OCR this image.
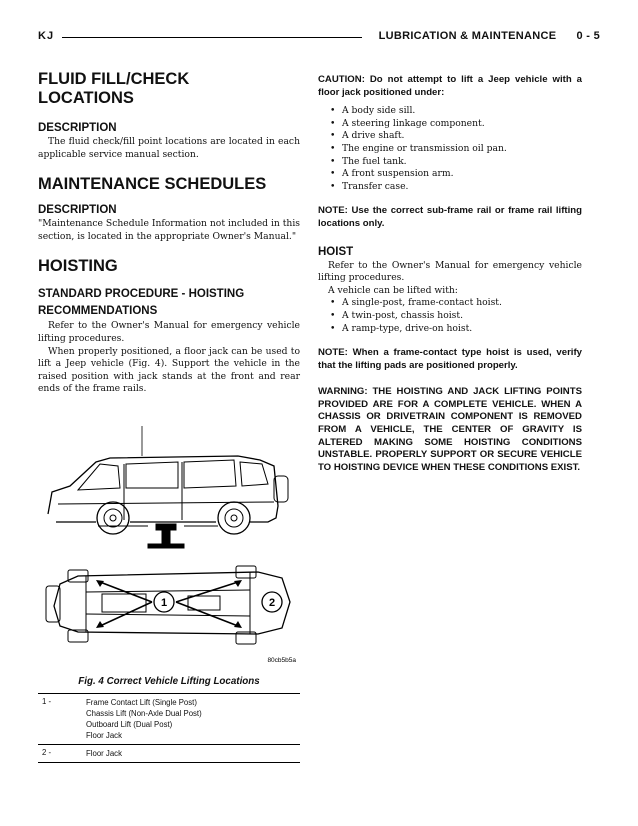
KJ	LUBRICATION & MAINTENANCE      0 - 5
FLUID FILL/CHECK LOCATIONS
DESCRIPTION

The fluid check/fill point locations are located in each applicable service manual section.

MAINTENANCE SCHEDULES
DESCRIPTION

"Maintenance Schedule Information not included in this section, is located in the appropriate Owner's Manual."

HOISTING
STANDARD PROCEDURE - HOISTING RECOMMENDATIONS

Refer to the Owner's Manual for emergency vehicle lifting procedures.

When properly positioned, a floor jack can be used to lift a Jeep vehicle (Fig. 4). Support the vehicle in the raised position with jack stands at the front and rear ends of the frame rails.

1	2
80cb5b5a
Fig. 4 Correct Vehicle Lifting Locations
1 -	Frame Contact Lift (Single Post)
Chassis Lift (Non-Axle Dual Post)
Outboard Lift (Dual Post)
Floor Jack
2 -	Floor Jack

CAUTION: Do not attempt to lift a Jeep vehicle with a floor jack positioned under:

• A body side sill.
• A steering linkage component.
• A drive shaft.
• The engine or transmission oil pan.
• The fuel tank.
• A front suspension arm.
• Transfer case.

NOTE: Use the correct sub-frame rail or frame rail lifting locations only.

HOIST

Refer to the Owner's Manual for emergency vehicle lifting procedures.

A vehicle can be lifted with:

• A single-post, frame-contact hoist.
• A twin-post, chassis hoist.
• A ramp-type, drive-on hoist.

NOTE: When a frame-contact type hoist is used, verify that the lifting pads are positioned properly.

WARNING: THE HOISTING AND JACK LIFTING POINTS PROVIDED ARE FOR A COMPLETE VEHICLE. WHEN A CHASSIS OR DRIVETRAIN COMPONENT IS REMOVED FROM A VEHICLE, THE CENTER OF GRAVITY IS ALTERED MAKING SOME HOISTING CONDITIONS UNSTABLE. PROPERLY SUPPORT OR SECURE VEHICLE TO HOISTING DEVICE WHEN THESE CONDITIONS EXIST.
